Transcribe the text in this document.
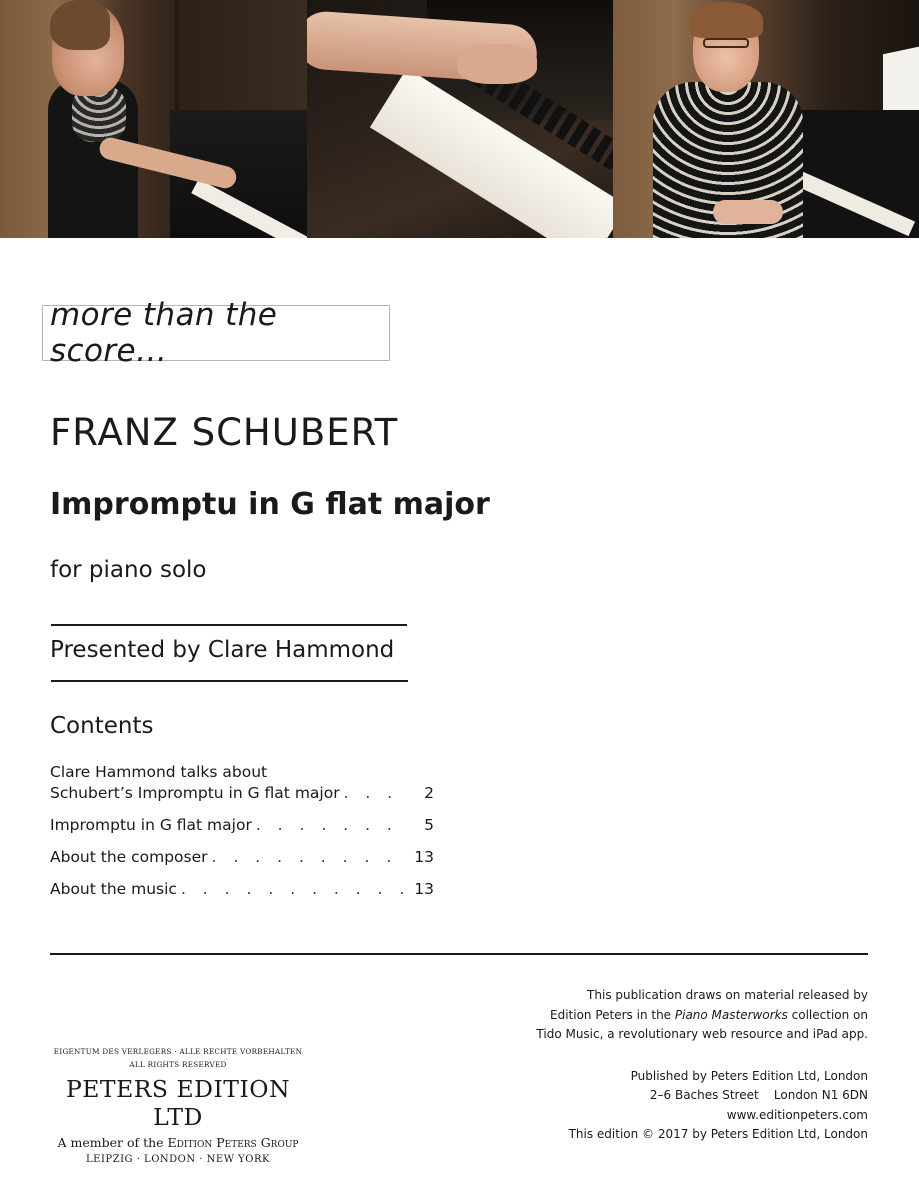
more than the score…
FRANZ SCHUBERT
Impromptu in G flat major
for piano solo
Presented by Clare Hammond
Contents
Clare Hammond talks about
Schubert’s Impromptu in G flat major . . .	2
Impromptu in G flat major . . .	5
About the composer . . .	13
About the music . . .	13
EIGENTUM DES VERLEGERS · ALLE RECHTE VORBEHALTEN
ALL RIGHTS RESERVED
PETERS EDITION LTD
A member of the Edition Peters Group
LEIPZIG · LONDON · NEW YORK

This publication draws on material released by

Edition Peters in the Piano Masterworks collection on

Tido Music, a revolutionary web resource and iPad app.

Published by Peters Edition Ltd, London

2–6 Baches Street    London N1 6DN

www.editionpeters.com

This edition © 2017 by Peters Edition Ltd, London
